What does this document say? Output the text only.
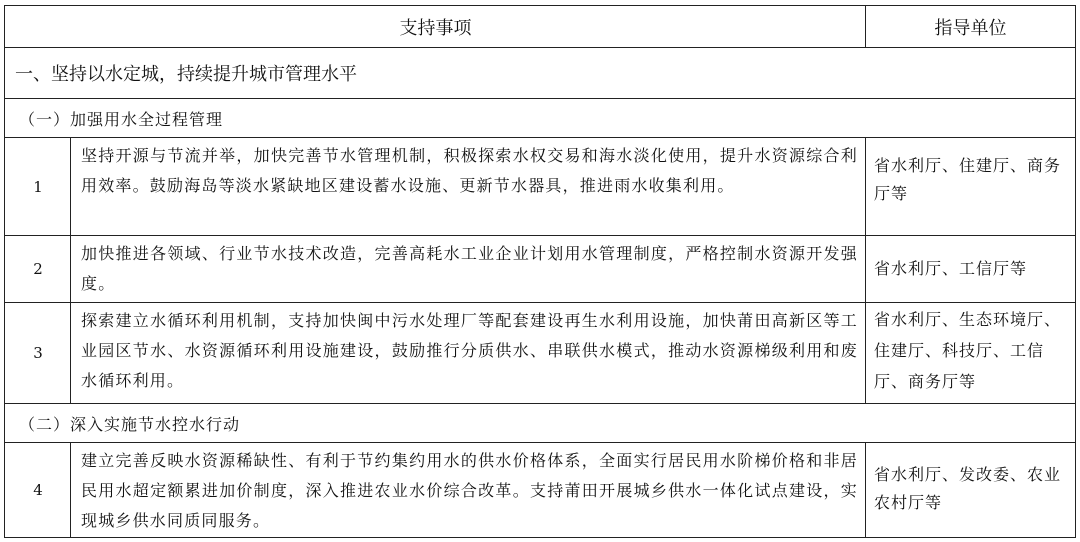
支持事项	指导单位
一、坚持以水定城，持续提升城市管理水平
（一）加强用水全过程管理
1
坚持开源与节流并举，加快完善节水管理机制，积极探索水权交易和海水淡化使用，提升水资源综合利用效率。鼓励海岛等淡水紧缺地区建设蓄水设施、更新节水器具，推进雨水收集利用。
省水利厅、住建厅、商务厅等
2
加快推进各领域、行业节水技术改造，完善高耗水工业企业计划用水管理制度，严格控制水资源开发强度。
省水利厅、工信厅等
3
探索建立水循环利用机制，支持加快闽中污水处理厂等配套建设再生水利用设施，加快莆田高新区等工业园区节水、水资源循环利用设施建设，鼓励推行分质供水、串联供水模式，推动水资源梯级利用和废水循环利用。
省水利厅、生态环境厅、住建厅、科技厅、工信厅、商务厅等
（二）深入实施节水控水行动
4
建立完善反映水资源稀缺性、有利于节约集约用水的供水价格体系，全面实行居民用水阶梯价格和非居民用水超定额累进加价制度，深入推进农业水价综合改革。支持莆田开展城乡供水一体化试点建设，实现城乡供水同质同服务。
省水利厅、发改委、农业农村厅等
